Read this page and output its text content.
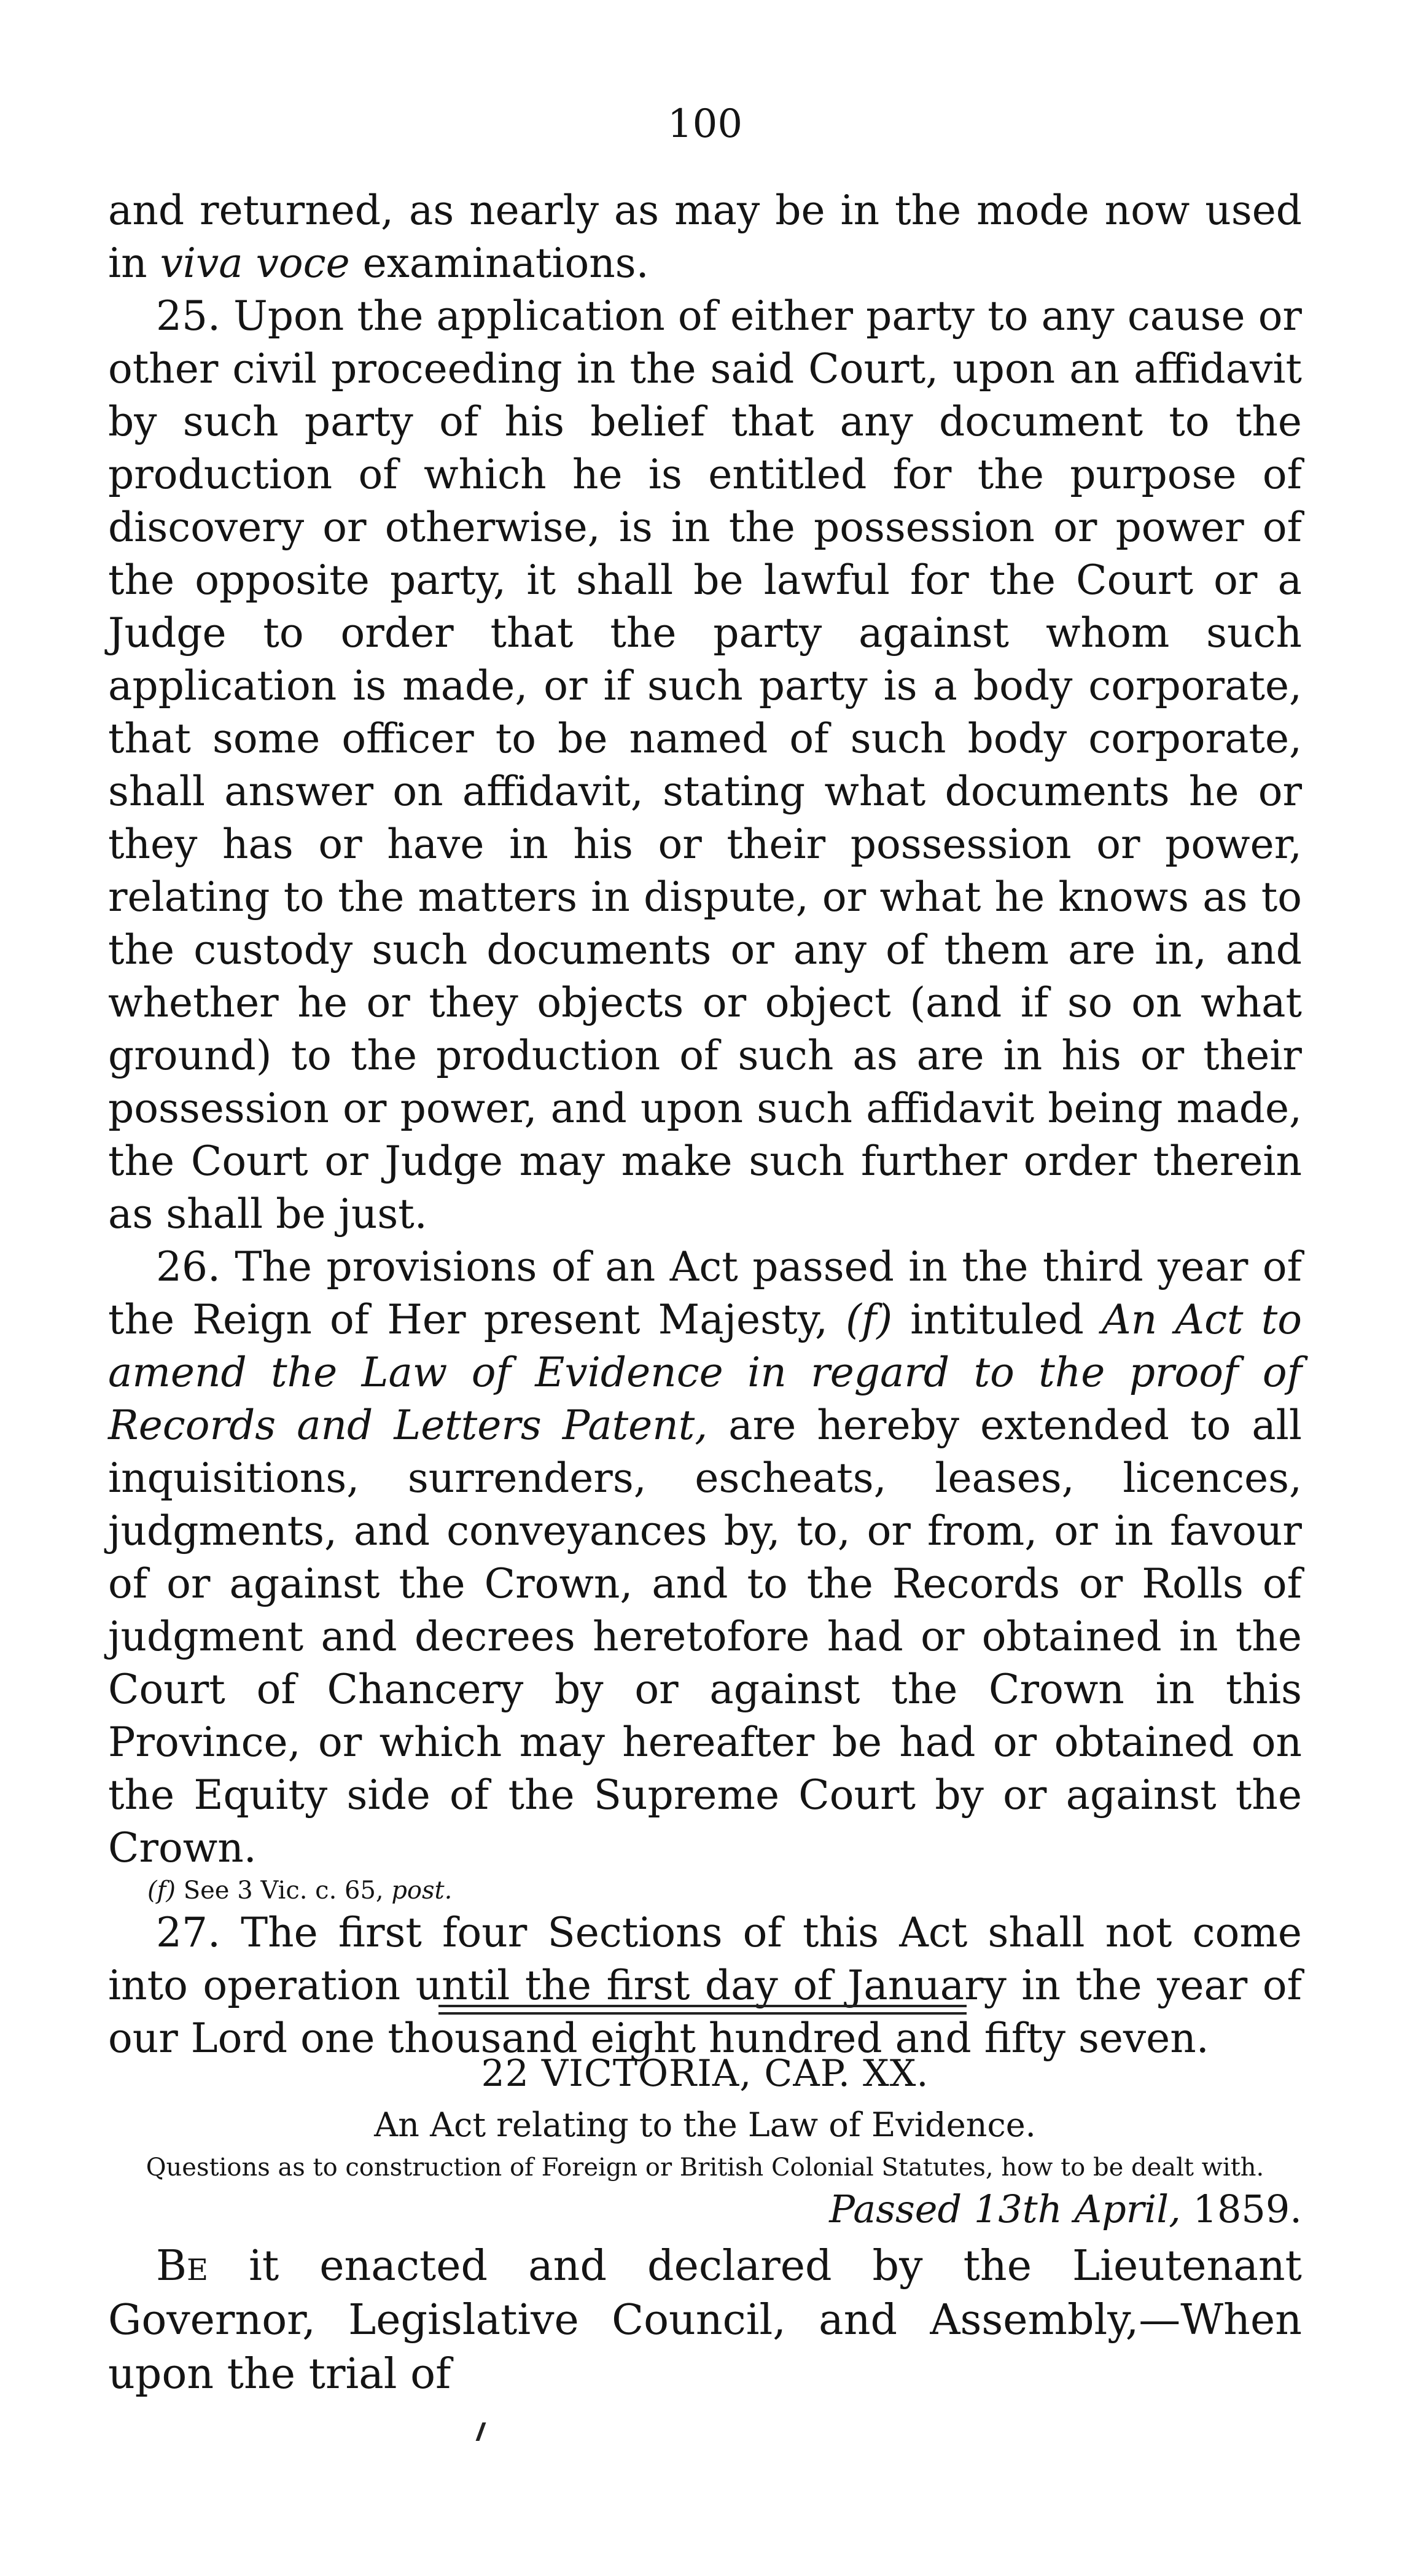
100

and returned, as nearly as may be in the mode now used in viva voce examinations.

25. Upon the application of either party to any cause or other civil proceeding in the said Court, upon an affidavit by such party of his belief that any document to the production of which he is entitled for the purpose of discovery or otherwise, is in the possession or power of the opposite party, it shall be lawful for the Court or a Judge to order that the party against whom such application is made, or if such party is a body corporate, that some officer to be named of such body corporate, shall answer on affidavit, stating what documents he or they has or have in his or their possession or power, relating to the matters in dispute, or what he knows as to the custody such documents or any of them are in, and whether he or they objects or object (and if so on what ground) to the production of such as are in his or their possession or power, and upon such affidavit being made, the Court or Judge may make such further order therein as shall be just.

26. The provisions of an Act passed in the third year of the Reign of Her present Majesty, (f) intituled An Act to amend the Law of Evidence in regard to the proof of Records and Letters Patent, are hereby extended to all inquisitions, surrenders, escheats, leases, licences, judgments, and conveyances by, to, or from, or in favour of or against the Crown, and to the Records or Rolls of judgment and decrees heretofore had or obtained in the Court of Chancery by or against the Crown in this Province, or which may hereafter be had or obtained on the Equity side of the Supreme Court by or against the Crown.

(f) See 3 Vic. c. 65, post.

27. The first four Sections of this Act shall not come into operation until the first day of January in the year of our Lord one thousand eight hundred and fifty seven.

22 VICTORIA, CAP. XX.

An Act relating to the Law of Evidence.

Questions as to construction of Foreign or British Colonial Statutes, how to be dealt with.

Passed 13th April, 1859.

Be it enacted and declared by the Lieutenant Governor, Legislative Council, and Assembly,—When upon the trial of
